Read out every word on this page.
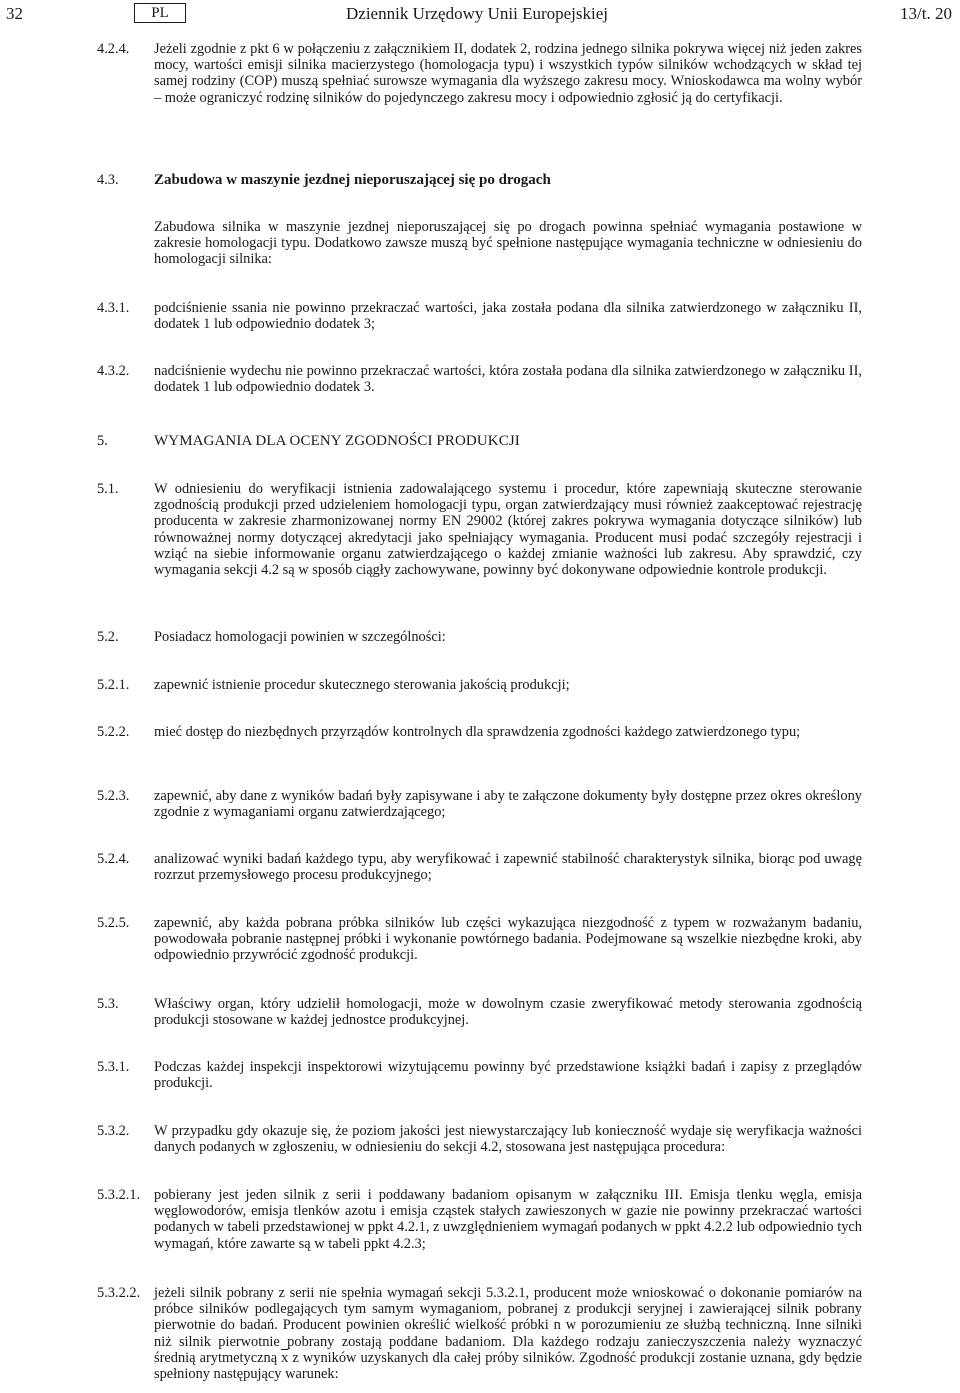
32	PL	Dziennik Urzędowy Unii Europejskiej	13/t. 20
4.2.4. Jeżeli zgodnie z pkt 6 w połączeniu z załącznikiem II, dodatek 2, rodzina jednego silnika pokrywa więcej niż jeden zakres mocy, wartości emisji silnika macierzystego (homologacja typu) i wszystkich typów silników wchodzących w skład tej samej rodziny (COP) muszą spełniać surowsze wymagania dla wyższego zakresu mocy. Wnioskodawca ma wolny wybór – może ograniczyć rodzinę silników do pojedynczego zakresu mocy i odpowiednio zgłosić ją do certyfikacji.
4.3. Zabudowa w maszynie jezdnej nieporuszającej się po drogach
Zabudowa silnika w maszynie jezdnej nieporuszającej się po drogach powinna spełniać wymagania postawione w zakresie homologacji typu. Dodatkowo zawsze muszą być spełnione następujące wymagania techniczne w odniesieniu do homologacji silnika:
4.3.1. podciśnienie ssania nie powinno przekraczać wartości, jaka została podana dla silnika zatwierdzonego w załączniku II, dodatek 1 lub odpowiednio dodatek 3;
4.3.2. nadciśnienie wydechu nie powinno przekraczać wartości, która została podana dla silnika zatwierdzonego w załączniku II, dodatek 1 lub odpowiednio dodatek 3.
5.	WYMAGANIA DLA OCENY ZGODNOŚCI PRODUKCJI
5.1. W odniesieniu do weryfikacji istnienia zadowalającego systemu i procedur, które zapewniają skuteczne sterowanie zgodnością produkcji przed udzieleniem homologacji typu, organ zatwierdzający musi również zaakceptować rejestrację producenta w zakresie zharmonizowanej normy EN 29002 (której zakres pokrywa wymagania dotyczące silników) lub równoważnej normy dotyczącej akredytacji jako spełniający wymagania. Producent musi podać szczegóły rejestracji i wziąć na siebie informowanie organu zatwierdzającego o każdej zmianie ważności lub zakresu. Aby sprawdzić, czy wymagania sekcji 4.2 są w sposób ciągły zachowywane, powinny być dokonywane odpowiednie kontrole produkcji.
5.2. Posiadacz homologacji powinien w szczególności:
5.2.1. zapewnić istnienie procedur skutecznego sterowania jakością produkcji;
5.2.2. mieć dostęp do niezbędnych przyrządów kontrolnych dla sprawdzenia zgodności każdego zatwierdzonego typu;
5.2.3. zapewnić, aby dane z wyników badań były zapisywane i aby te załączone dokumenty były dostępne przez okres określony zgodnie z wymaganiami organu zatwierdzającego;
5.2.4. analizować wyniki badań każdego typu, aby weryfikować i zapewnić stabilność charakterystyk silnika, biorąc pod uwagę rozrzut przemysłowego procesu produkcyjnego;
5.2.5. zapewnić, aby każda pobrana próbka silników lub części wykazująca niezgodność z typem w rozważanym badaniu, powodowała pobranie następnej próbki i wykonanie powtórnego badania. Podejmowane są wszelkie niezbędne kroki, aby odpowiednio przywrócić zgodność produkcji.
5.3. Właściwy organ, który udzielił homologacji, może w dowolnym czasie zweryfikować metody sterowania zgodnością produkcji stosowane w każdej jednostce produkcyjnej.
5.3.1. Podczas każdej inspekcji inspektorowi wizytującemu powinny być przedstawione książki badań i zapisy z przeglądów produkcji.
5.3.2. W przypadku gdy okazuje się, że poziom jakości jest niewystarczający lub konieczność wydaje się weryfikacja ważności danych podanych w zgłoszeniu, w odniesieniu do sekcji 4.2, stosowana jest następująca procedura:
5.3.2.1. pobierany jest jeden silnik z serii i poddawany badaniom opisanym w załączniku III. Emisja tlenku węgla, emisja węglowodorów, emisja tlenków azotu i emisja cząstek stałych zawieszonych w gazie nie powinny przekraczać wartości podanych w tabeli przedstawionej w ppkt 4.2.1, z uwzględnieniem wymagań podanych w ppkt 4.2.2 lub odpowiednio tych wymagań, które zawarte są w tabeli ppkt 4.2.3;
5.3.2.2. jeżeli silnik pobrany z serii nie spełnia wymagań sekcji 5.3.2.1, producent może wnioskować o dokonanie pomiarów na próbce silników podlegających tym samym wymaganiom, pobranej z produkcji seryjnej i zawierającej silnik pobrany pierwotnie do badań. Producent powinien określić wielkość próbki n w porozumieniu ze służbą techniczną. Inne silniki niż silnik pierwotnie pobrany zostają poddane badaniom. Dla każdego rodzaju zanieczyszczenia należy wyznaczyć średnią arytmetyczną $\overline{x}$ z wyników uzyskanych dla całej próby silników. Zgodność produkcji zostanie uznana, gdy będzie spełniony następujący warunek:
